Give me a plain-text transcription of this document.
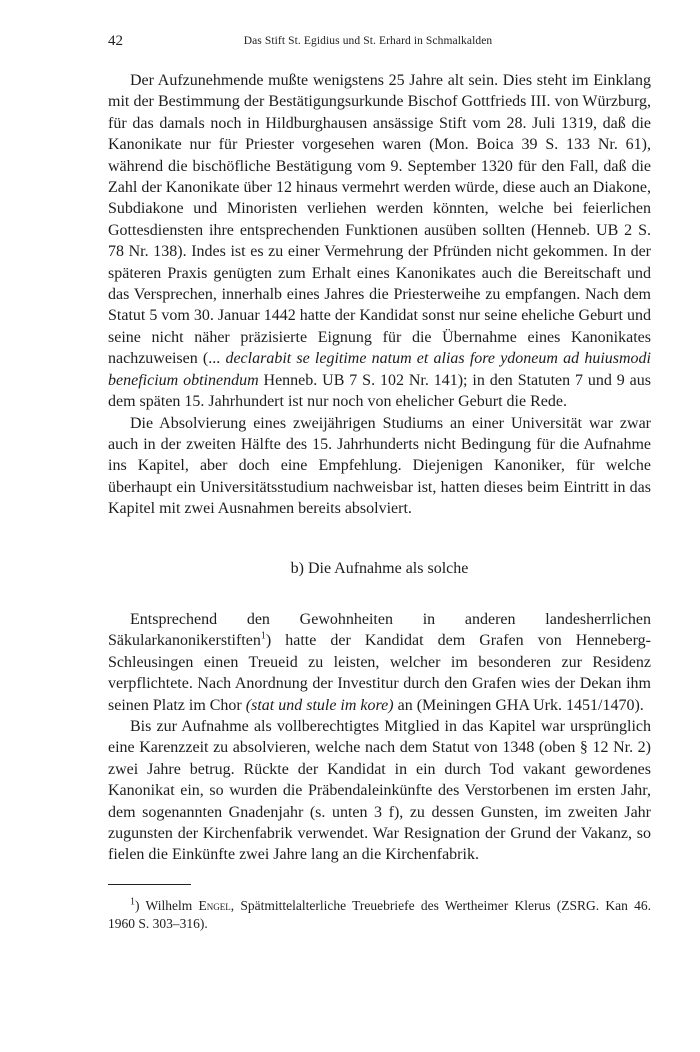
42	Das Stift St. Egidius und St. Erhard in Schmalkalden

Der Aufzunehmende mußte wenigstens 25 Jahre alt sein. Dies steht im Einklang mit der Bestimmung der Bestätigungsurkunde Bischof Gottfrieds III. von Würzburg, für das damals noch in Hildburghausen ansässige Stift vom 28. Juli 1319, daß die Kanonikate nur für Priester vorgesehen waren (Mon. Boica 39 S. 133 Nr. 61), während die bischöfliche Bestätigung vom 9. September 1320 für den Fall, daß die Zahl der Kanonikate über 12 hinaus vermehrt werden würde, diese auch an Diakone, Subdiakone und Minoristen verliehen werden könnten, welche bei feierlichen Gottesdiensten ihre entsprechenden Funktionen ausüben sollten (Henneb. UB 2 S. 78 Nr. 138). Indes ist es zu einer Vermehrung der Pfründen nicht gekommen. In der späteren Praxis genügten zum Erhalt eines Kanonikates auch die Bereitschaft und das Versprechen, innerhalb eines Jahres die Priesterweihe zu empfangen. Nach dem Statut 5 vom 30. Januar 1442 hatte der Kandidat sonst nur seine eheliche Geburt und seine nicht näher präzisierte Eignung für die Übernahme eines Kanonikates nachzuweisen (... declarabit se legitime natum et alias fore ydoneum ad huiusmodi beneficium obtinendum Henneb. UB 7 S. 102 Nr. 141); in den Statuten 7 und 9 aus dem späten 15. Jahrhundert ist nur noch von ehelicher Geburt die Rede.

Die Absolvierung eines zweijährigen Studiums an einer Universität war zwar auch in der zweiten Hälfte des 15. Jahrhunderts nicht Bedingung für die Aufnahme ins Kapitel, aber doch eine Empfehlung. Diejenigen Kanoniker, für welche überhaupt ein Universitätsstudium nachweisbar ist, hatten dieses beim Eintritt in das Kapitel mit zwei Ausnahmen bereits absolviert.

b) Die Aufnahme als solche

Entsprechend den Gewohnheiten in anderen landesherrlichen Säkularkanonikerstiften$^1$) hatte der Kandidat dem Grafen von Henneberg-Schleusingen einen Treueid zu leisten, welcher im besonderen zur Residenz verpflichtete. Nach Anordnung der Investitur durch den Grafen wies der Dekan ihm seinen Platz im Chor (stat und stule im kore) an (Meiningen GHA Urk. 1451/1470).

Bis zur Aufnahme als vollberechtigtes Mitglied in das Kapitel war ursprünglich eine Karenzzeit zu absolvieren, welche nach dem Statut von 1348 (oben § 12 Nr. 2) zwei Jahre betrug. Rückte der Kandidat in ein durch Tod vakant gewordenes Kanonikat ein, so wurden die Präbendaleinkünfte des Verstorbenen im ersten Jahr, dem sogenannten Gnadenjahr (s. unten 3 f), zu dessen Gunsten, im zweiten Jahr zugunsten der Kirchenfabrik verwendet. War Resignation der Grund der Vakanz, so fielen die Einkünfte zwei Jahre lang an die Kirchenfabrik.

$^1$) Wilhelm Engel, Spätmittelalterliche Treuebriefe des Wertheimer Klerus (ZSRG. Kan 46. 1960 S. 303–316).
